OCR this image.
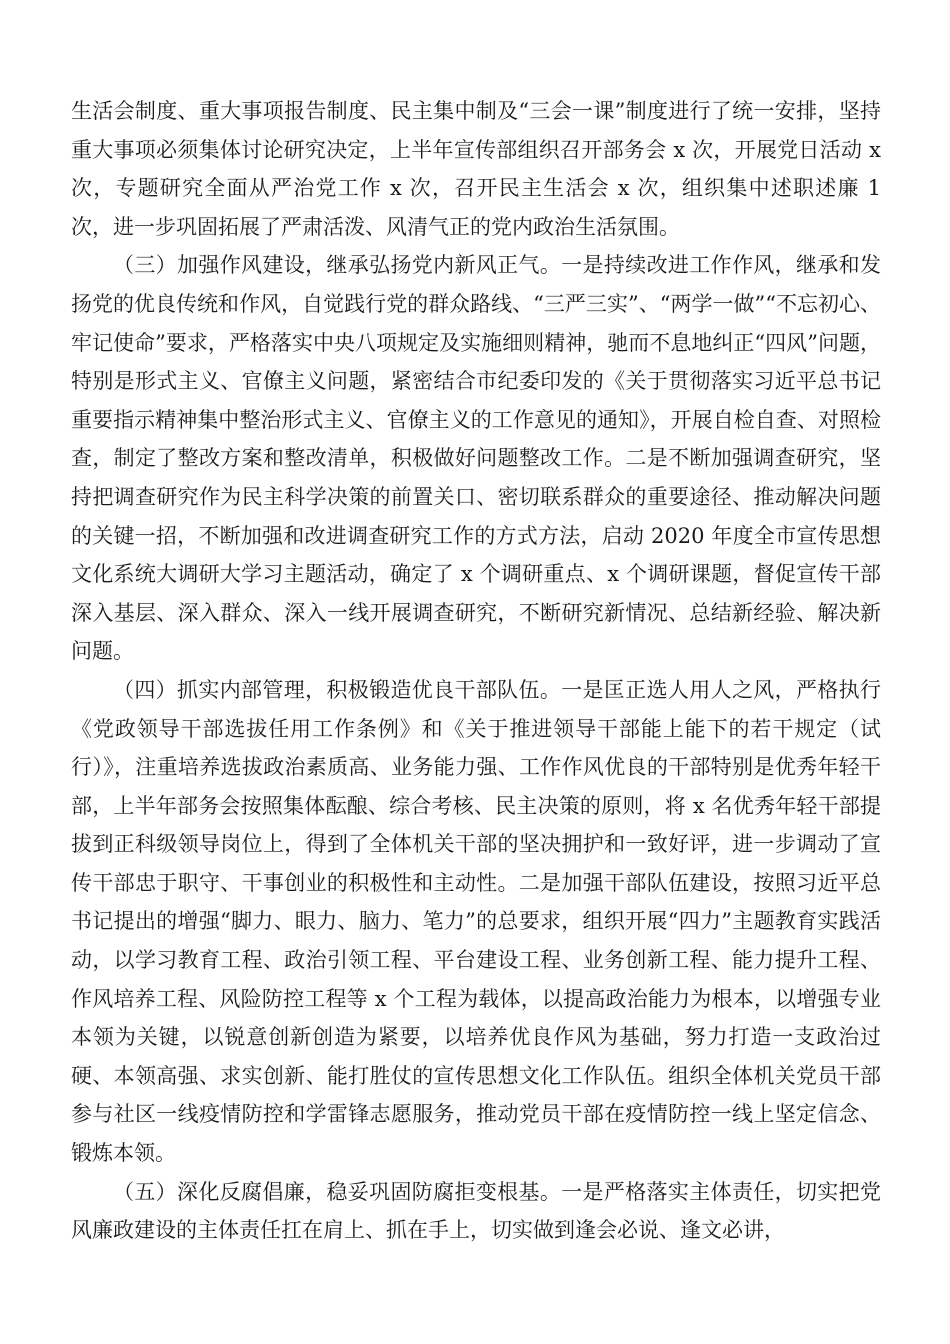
生活会制度、重大事项报告制度、民主集中制及“三会一课”制度进行了统一安排，坚持重大事项必须集体讨论研究决定，上半年宣传部组织召开部务会 x 次，开展党日活动 x 次，专题研究全面从严治党工作 x 次，召开民主生活会 x 次，组织集中述职述廉 1 次，进一步巩固拓展了严肃活泼、风清气正的党内政治生活氛围。

（三）加强作风建设，继承弘扬党内新风正气。一是持续改进工作作风，继承和发扬党的优良传统和作风，自觉践行党的群众路线、“三严三实”、“两学一做”“不忘初心、牢记使命”要求，严格落实中央八项规定及实施细则精神，驰而不息地纠正“四风”问题，特别是形式主义、官僚主义问题，紧密结合市纪委印发的《关于贯彻落实习近平总书记重要指示精神集中整治形式主义、官僚主义的工作意见的通知》，开展自检自查、对照检查，制定了整改方案和整改清单，积极做好问题整改工作。二是不断加强调查研究，坚持把调查研究作为民主科学决策的前置关口、密切联系群众的重要途径、推动解决问题的关键一招，不断加强和改进调查研究工作的方式方法，启动 2020 年度全市宣传思想文化系统大调研大学习主题活动，确定了 x 个调研重点、x 个调研课题，督促宣传干部深入基层、深入群众、深入一线开展调查研究，不断研究新情况、总结新经验、解决新问题。

（四）抓实内部管理，积极锻造优良干部队伍。一是匡正选人用人之风，严格执行《党政领导干部选拔任用工作条例》和《关于推进领导干部能上能下的若干规定（试行）》，注重培养选拔政治素质高、业务能力强、工作作风优良的干部特别是优秀年轻干部，上半年部务会按照集体酝酿、综合考核、民主决策的原则，将 x 名优秀年轻干部提拔到正科级领导岗位上，得到了全体机关干部的坚决拥护和一致好评，进一步调动了宣传干部忠于职守、干事创业的积极性和主动性。二是加强干部队伍建设，按照习近平总书记提出的增强“脚力、眼力、脑力、笔力”的总要求，组织开展“四力”主题教育实践活动，以学习教育工程、政治引领工程、平台建设工程、业务创新工程、能力提升工程、作风培养工程、风险防控工程等 x 个工程为载体，以提高政治能力为根本，以增强专业本领为关键，以锐意创新创造为紧要，以培养优良作风为基础，努力打造一支政治过硬、本领高强、求实创新、能打胜仗的宣传思想文化工作队伍。组织全体机关党员干部参与社区一线疫情防控和学雷锋志愿服务，推动党员干部在疫情防控一线上坚定信念、锻炼本领。

（五）深化反腐倡廉，稳妥巩固防腐拒变根基。一是严格落实主体责任，切实把党风廉政建设的主体责任扛在肩上、抓在手上，切实做到逢会必说、逢文必讲，
